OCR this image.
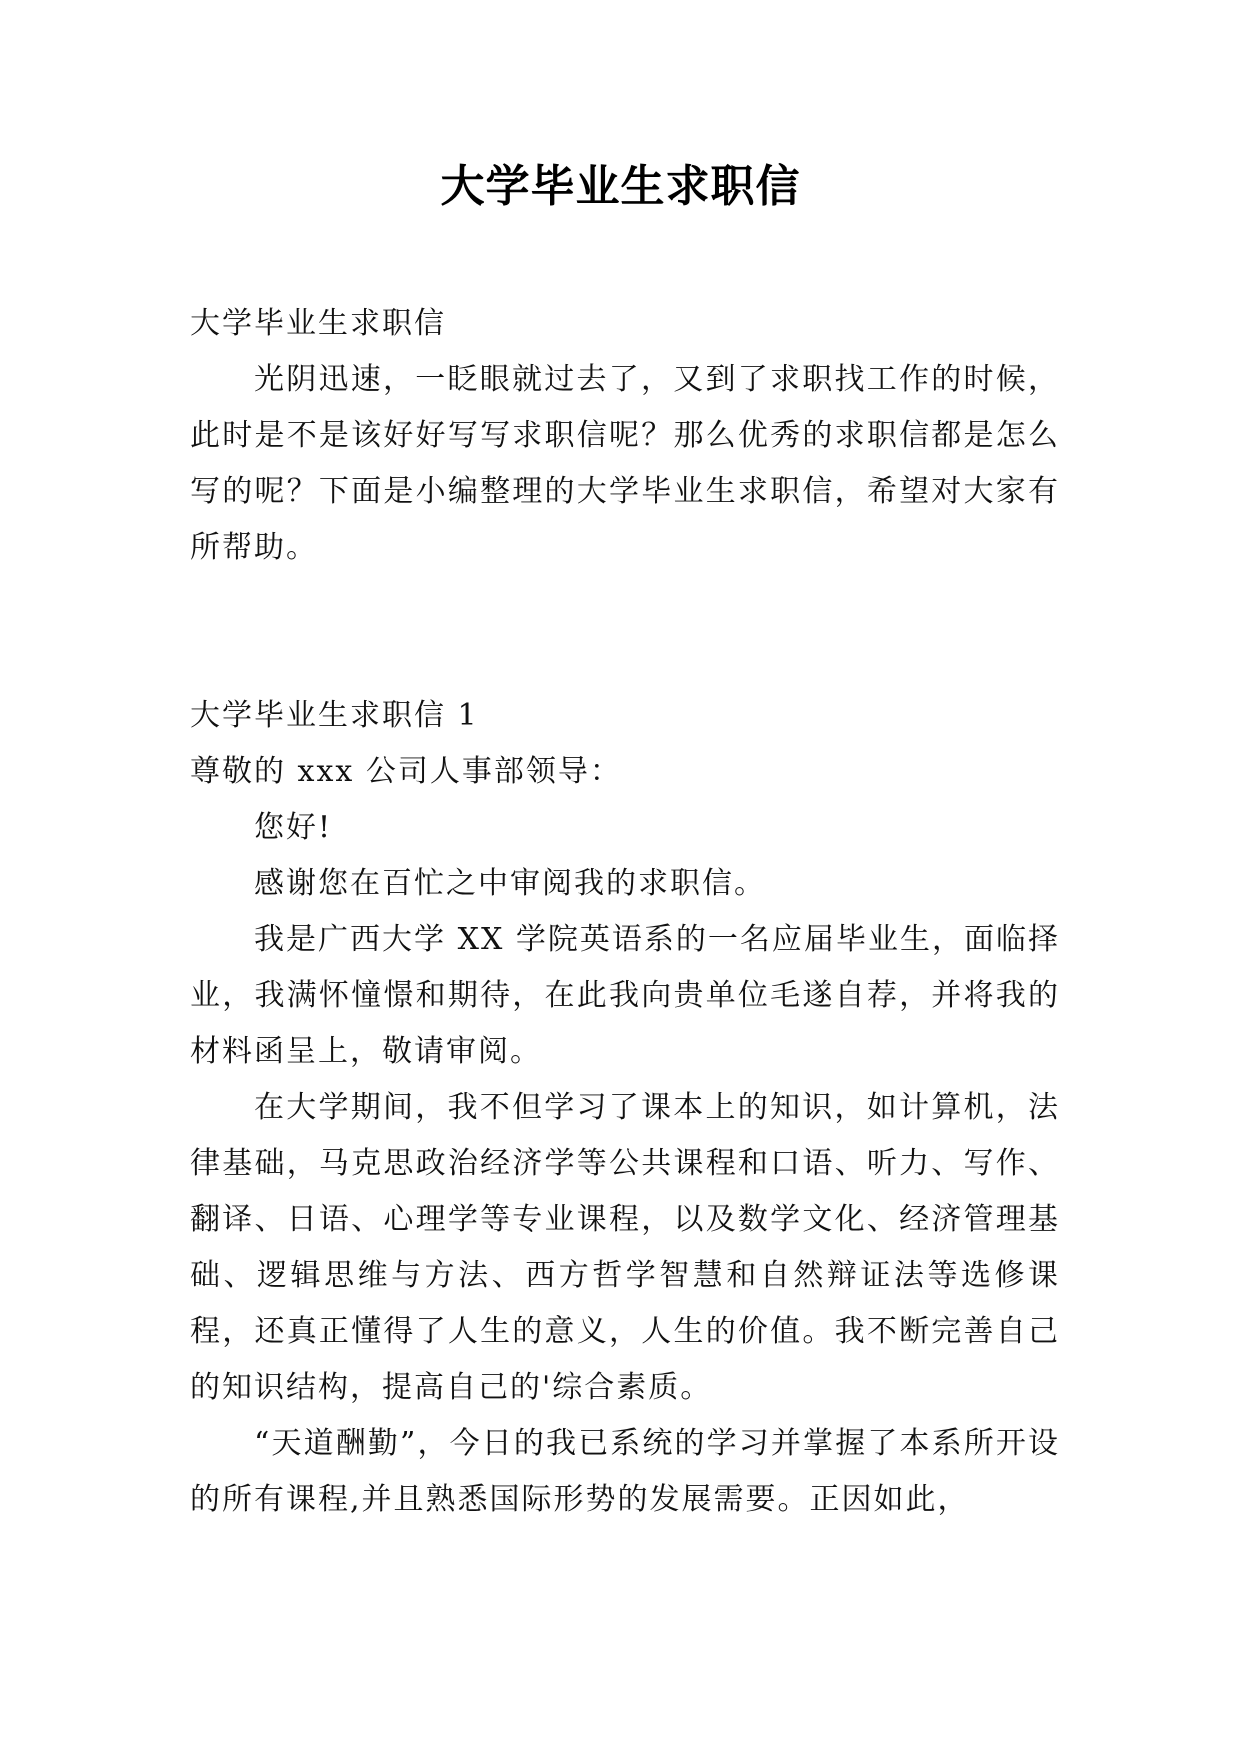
大学毕业生求职信

大学毕业生求职信

光阴迅速，一眨眼就过去了，又到了求职找工作的时候，此时是不是该好好写写求职信呢？那么优秀的求职信都是怎么写的呢？下面是小编整理的大学毕业生求职信，希望对大家有所帮助。

大学毕业生求职信 1

尊敬的 xxx 公司人事部领导：

您好!

感谢您在百忙之中审阅我的求职信。

我是广西大学 XX 学院英语系的一名应届毕业生，面临择业，我满怀憧憬和期待，在此我向贵单位毛遂自荐，并将我的材料函呈上，敬请审阅。

在大学期间，我不但学习了课本上的知识，如计算机，法律基础，马克思政治经济学等公共课程和口语、听力、写作、翻译、日语、心理学等专业课程，以及数学文化、经济管理基础、逻辑思维与方法、西方哲学智慧和自然辩证法等选修课程，还真正懂得了人生的意义，人生的价值。我不断完善自己的知识结构，提高自己的'综合素质。

“天道酬勤”，今日的我已系统的学习并掌握了本系所开设的所有课程,并且熟悉国际形势的发展需要。正因如此，
